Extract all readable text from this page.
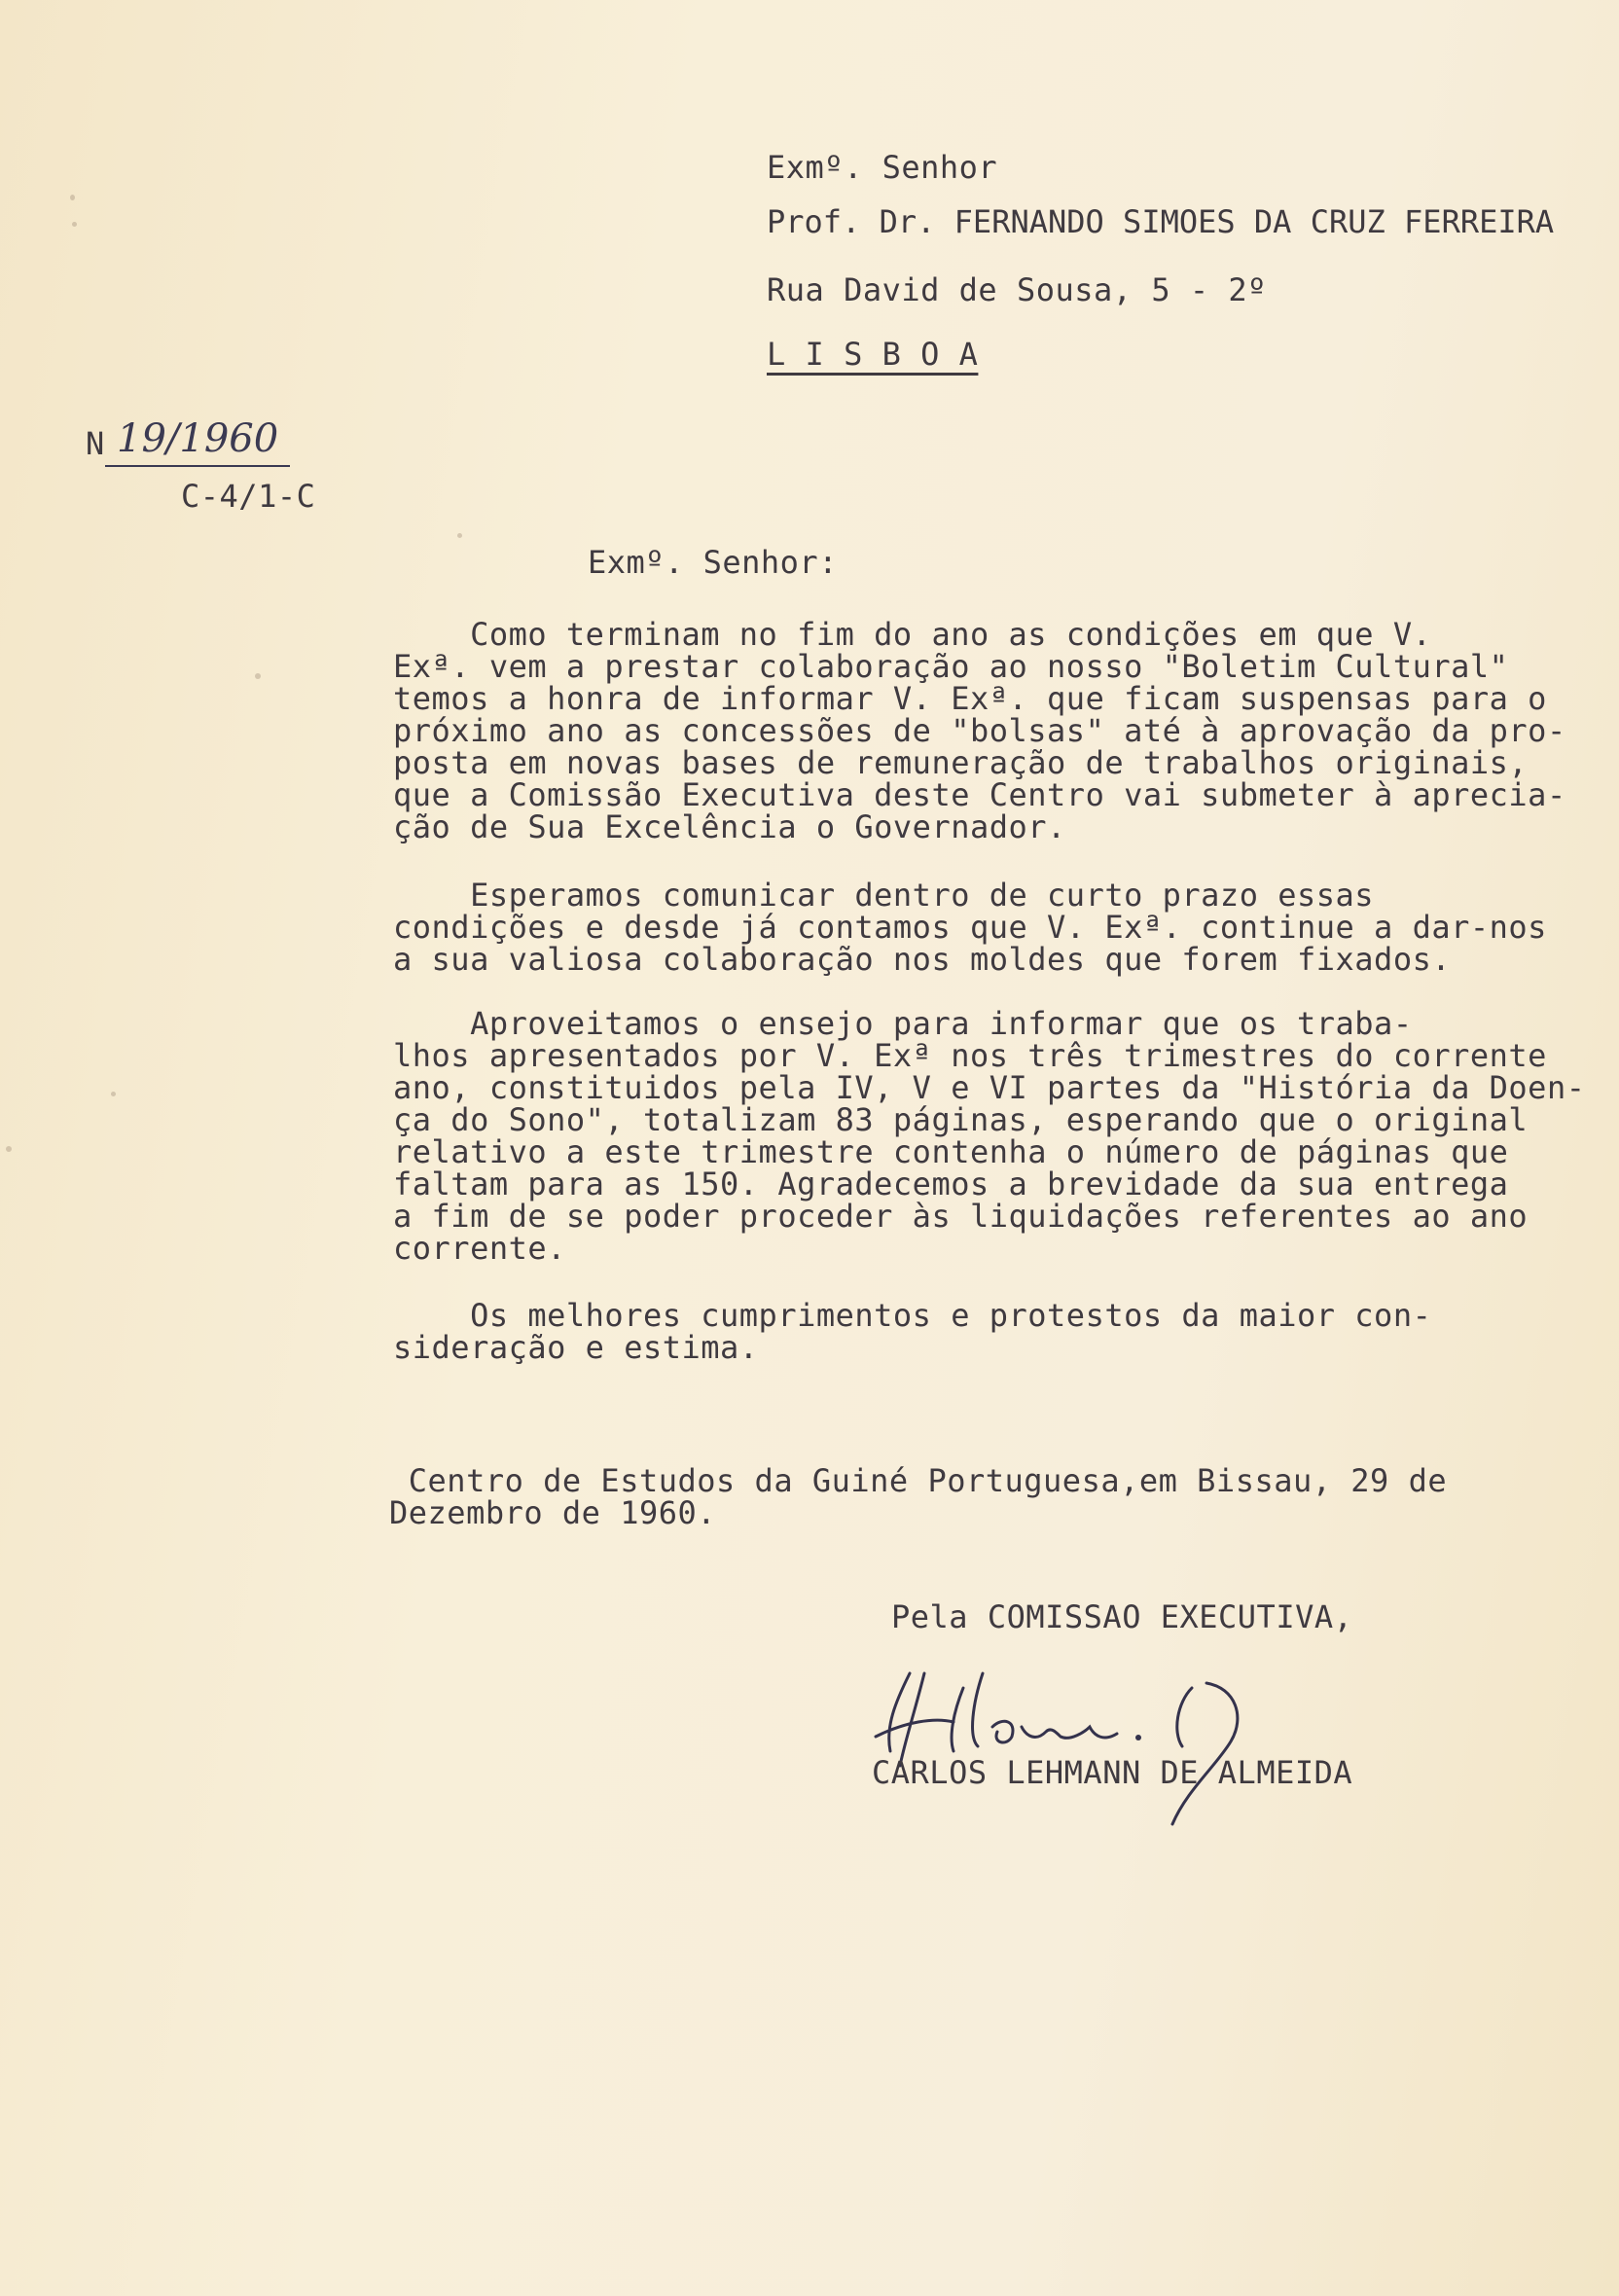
Exmº. Senhor
Prof. Dr. FERNANDO SIMOES DA CRUZ FERREIRA
Rua David de Sousa, 5 - 2º
L I S B O A
N 19/1960
C-4/1-C
Exmº. Senhor:
Como terminam no fim do ano as condições em que V.
Exª. vem a prestar colaboração ao nosso "Boletim Cultural"
temos a honra de informar V. Exª. que ficam suspensas para o
próximo ano as concessões de "bolsas" até à aprovação da pro-
posta em novas bases de remuneração de trabalhos originais,
que a Comissão Executiva deste Centro vai submeter à aprecia-
ção de Sua Excelência o Governador.
Esperamos comunicar dentro de curto prazo essas
condições e desde já contamos que V. Exª. continue a dar-nos
a sua valiosa colaboração nos moldes que forem fixados.
Aproveitamos o ensejo para informar que os traba-
lhos apresentados por V. Exª nos três trimestres do corrente
ano, constituidos pela IV, V e VI partes da "História da Doen-
ça do Sono", totalizam 83 páginas, esperando que o original
relativo a este trimestre contenha o número de páginas que
faltam para as 150. Agradecemos a brevidade da sua entrega
a fim de se poder proceder às liquidações referentes ao ano
corrente.
Os melhores cumprimentos e protestos da maior con-
sideração e estima.
Centro de Estudos da Guiné Portuguesa,em Bissau, 29 de
Dezembro de 1960.
Pela COMISSAO EXECUTIVA,
CARLOS LEHMANN DE ALMEIDA
